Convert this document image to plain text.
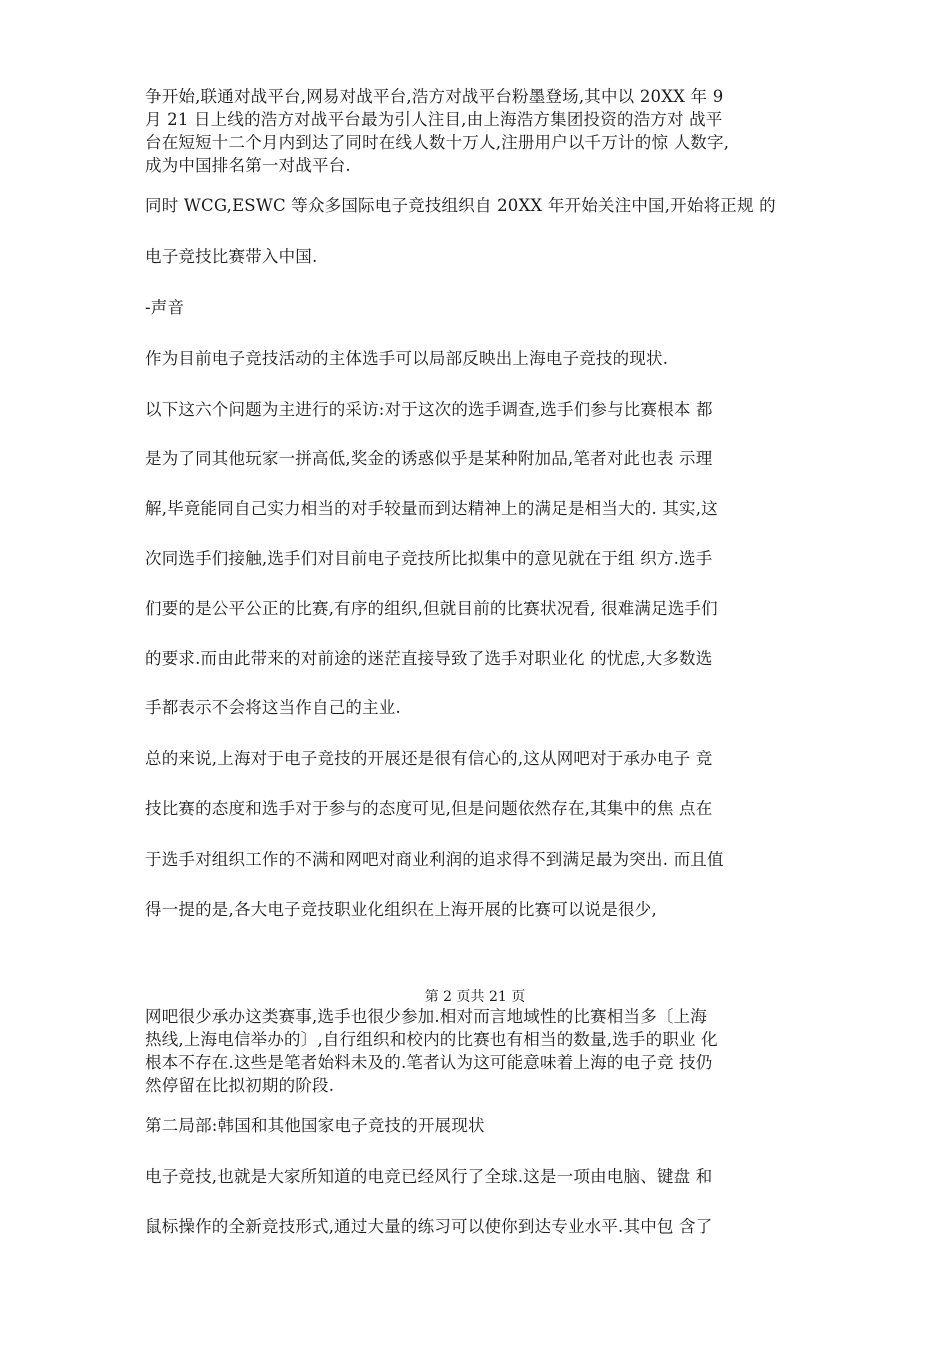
争开始,联通对战平台,网易对战平台,浩方对战平台粉墨登场,其中以 20XX 年 9
月 21 日上线的浩方对战平台最为引人注目,由上海浩方集团投资的浩方对 战平
台在短短十二个月内到达了同时在线人数十万人,注册用户以千万计的惊 人数字,
成为中国排名第一对战平台.
同时 WCG,ESWC 等众多国际电子竞技组织自 20XX 年开始关注中国,开始将正规 的
电子竞技比赛带入中国.
-声音
作为目前电子竞技活动的主体选手可以局部反映出上海电子竞技的现状.
以下这六个问题为主进行的采访:对于这次的选手调查,选手们参与比赛根本 都
是为了同其他玩家一拼高低,奖金的诱惑似乎是某种附加品,笔者对此也表 示理
解,毕竟能同自己实力相当的对手较量而到达精神上的满足是相当大的. 其实,这
次同选手们接触,选手们对目前电子竞技所比拟集中的意见就在于组 织方.选手
们要的是公平公正的比赛,有序的组织,但就目前的比赛状况看, 很难满足选手们
的要求.而由此带来的对前途的迷茫直接导致了选手对职业化 的忧虑,大多数选
手都表示不会将这当作自己的主业.
总的来说,上海对于电子竞技的开展还是很有信心的,这从网吧对于承办电子 竞
技比赛的态度和选手对于参与的态度可见,但是问题依然存在,其集中的焦 点在
于选手对组织工作的不满和网吧对商业利润的追求得不到满足最为突出. 而且值
得一提的是,各大电子竞技职业化组织在上海开展的比赛可以说是很少,
第 2 页共 21 页
网吧很少承办这类赛事,选手也很少参加.相对而言地域性的比赛相当多〔上海
热线,上海电信举办的〕,自行组织和校内的比赛也有相当的数量,选手的职业 化
根本不存在.这些是笔者始料未及的.笔者认为这可能意味着上海的电子竞 技仍
然停留在比拟初期的阶段.
第二局部:韩国和其他国家电子竞技的开展现状
电子竞技,也就是大家所知道的电竞已经风行了全球.这是一项由电脑、键盘 和
鼠标操作的全新竞技形式,通过大量的练习可以使你到达专业水平.其中包 含了
